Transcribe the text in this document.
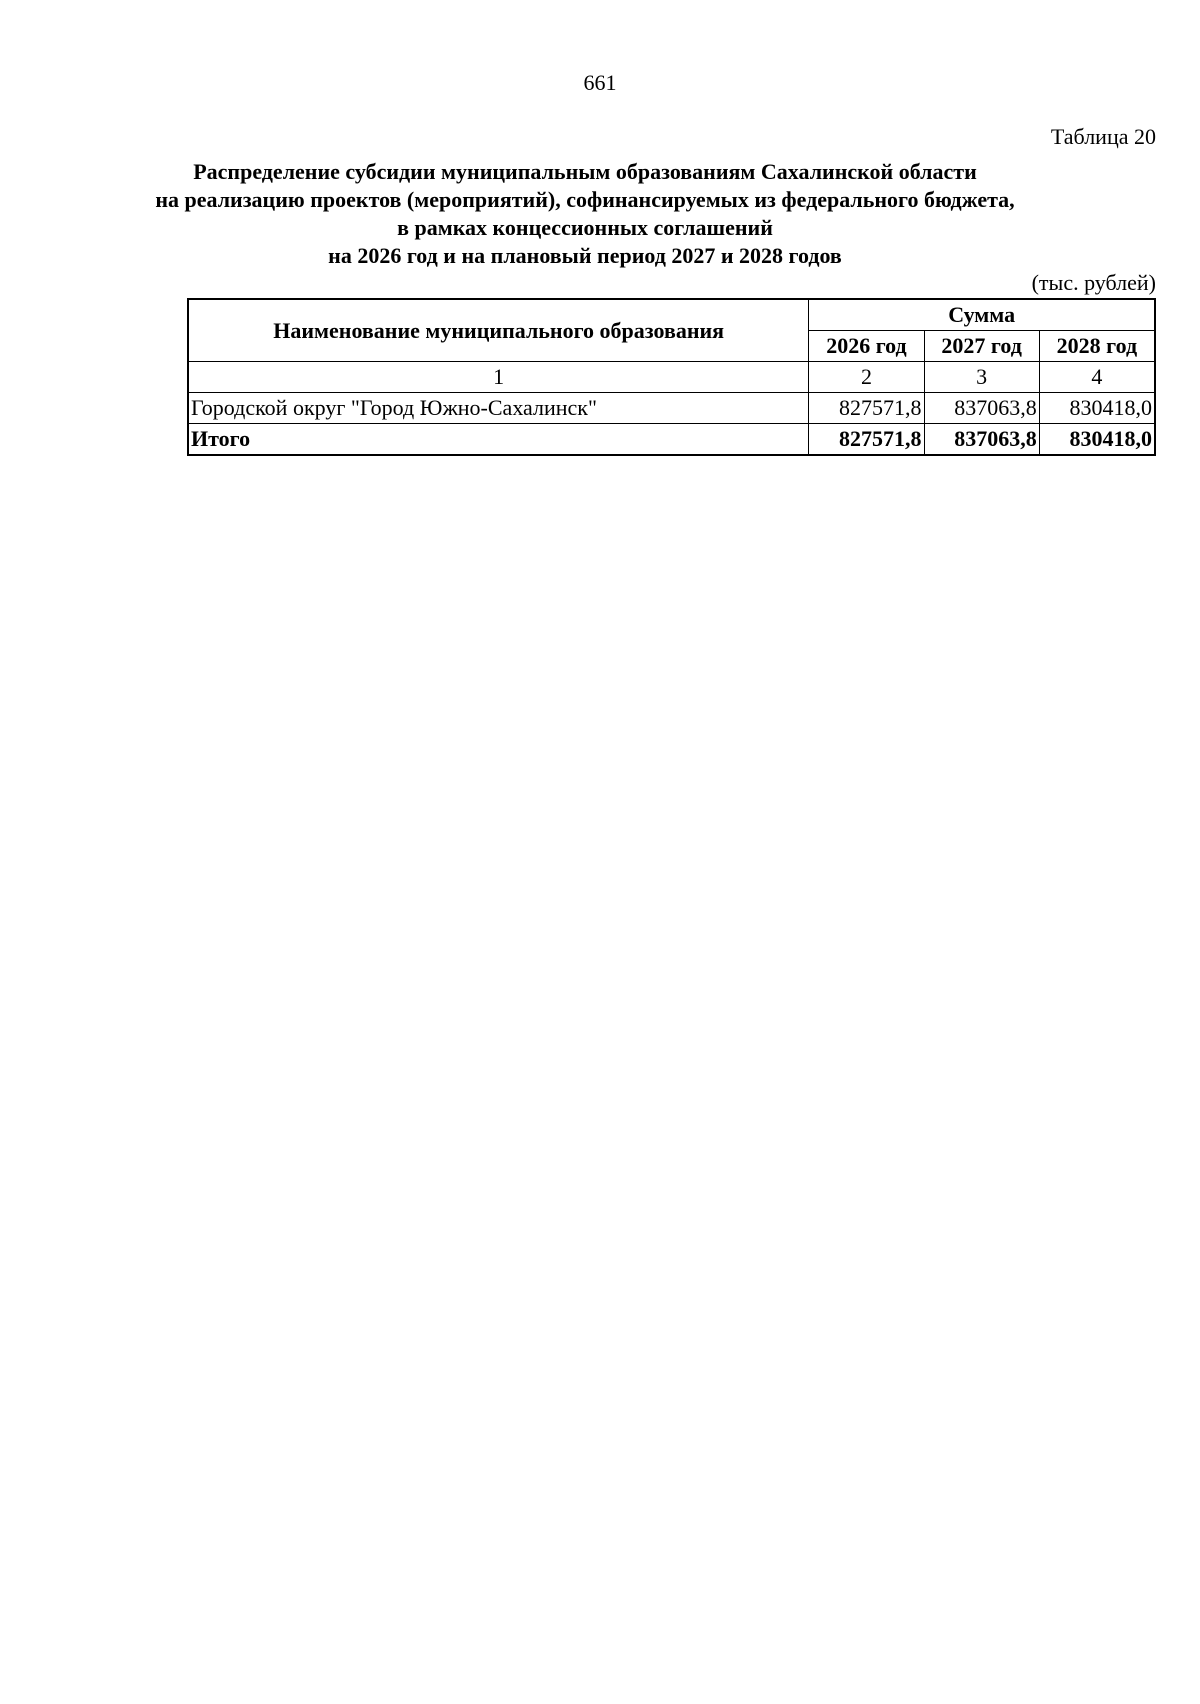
661
Таблица 20
Распределение субсидии муниципальным образованиям Сахалинской области
на реализацию проектов (мероприятий), софинансируемых из федерального бюджета,
в рамках концессионных соглашений
на 2026 год и на плановый период 2027 и 2028 годов
(тыс. рублей)
Наименование муниципального образования	Сумма		
	2026 год	2027 год	2028 год
1	2	3	4
Городской округ "Город Южно-Сахалинск"	827571,8	837063,8	830418,0
Итого	827571,8	837063,8	830418,0
